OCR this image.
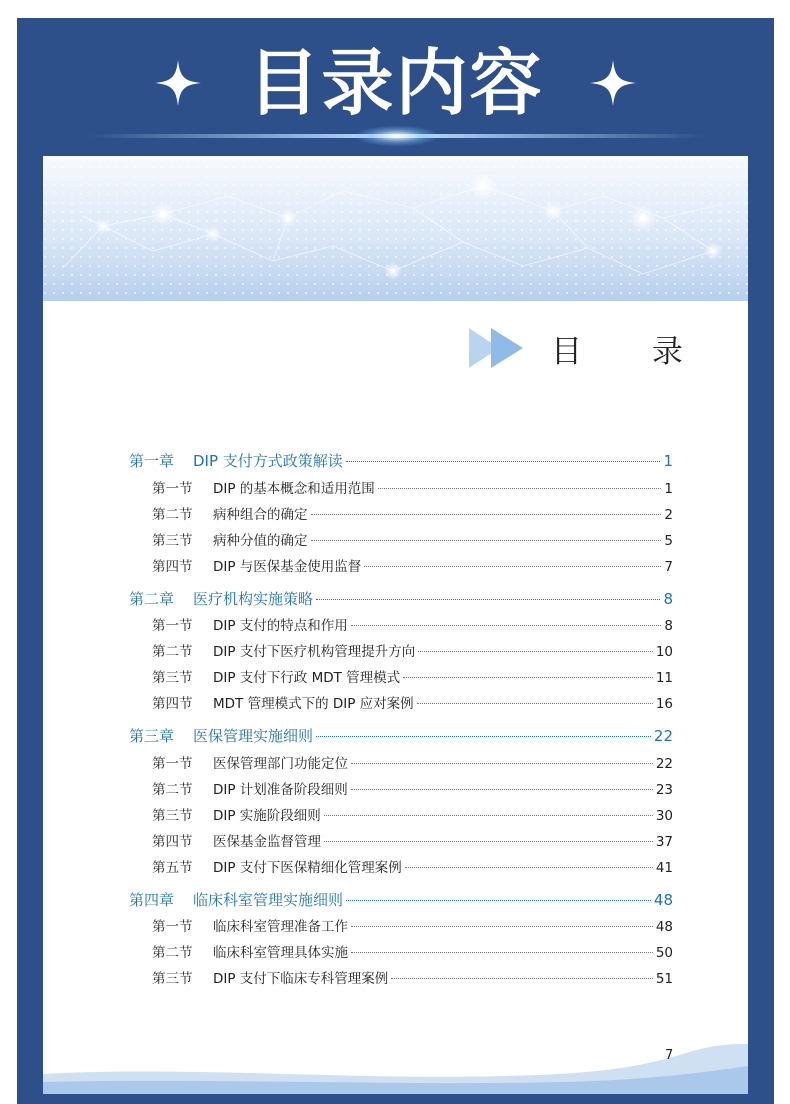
目录内容
目 录
第一章	DIP 支付方式政策解读	1
第一节	DIP 的基本概念和适用范围	1
第二节	病种组合的确定	2
第三节	病种分值的确定	5
第四节	DIP 与医保基金使用监督	7
第二章	医疗机构实施策略	8
第一节	DIP 支付的特点和作用	8
第二节	DIP 支付下医疗机构管理提升方向	10
第三节	DIP 支付下行政 MDT 管理模式	11
第四节	MDT 管理模式下的 DIP 应对案例	16
第三章	医保管理实施细则	22
第一节	医保管理部门功能定位	22
第二节	DIP 计划准备阶段细则	23
第三节	DIP 实施阶段细则	30
第四节	医保基金监督管理	37
第五节	DIP 支付下医保精细化管理案例	41
第四章	临床科室管理实施细则	48
第一节	临床科室管理准备工作	48
第二节	临床科室管理具体实施	50
第三节	DIP 支付下临床专科管理案例	51
7
